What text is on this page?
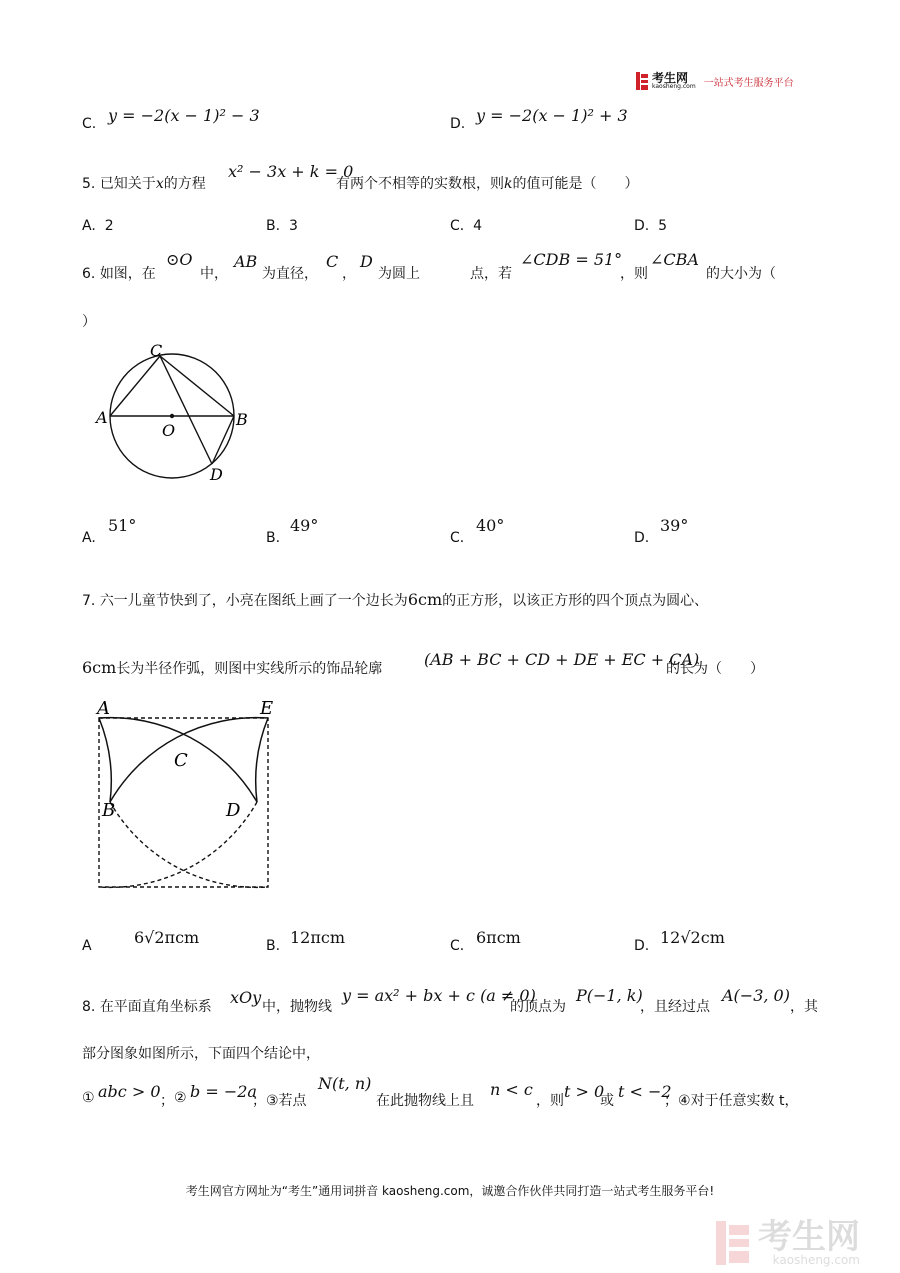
考生网
kaosheng.com 一站式考生服务平台
C. y = −2(x − 1)² − 3	D. y = −2(x − 1)² + 3
5. 已知关于x的方程
x² − 3x + k = 0
有两个不相等的实数根，则k的值可能是（　　）
A. 2	B. 3	C. 4	D. 5
6. 如图，在
⊙O
中，
AB
为直径，
C
，
D
为圆上	点，若
∠CDB = 51°
，则
∠CBA
的大小为（
）
C
A	B
O
D
A.
51°
B.
49°
C.
40°
D.
39°
7. 六一儿童节快到了，小亮在图纸上画了一个边长为6cm的正方形，以该正方形的四个顶点为圆心、
6cm长为半径作弧，则图中实线所示的饰品轮廓	(AB + BC + CD + DE + EC + CA)
的长为（　　）
A	E
C
B	D
A	6√2πcm	B. 12πcm	C. 6πcm	D. 12√2cm
8. 在平面直角坐标系 xOy 中，抛物线
y = ax² + bx + c (a ≠ 0)
的顶点为
P(−1, k)
，且经过点
A(−3, 0)
，其
部分图象如图所示，下面四个结论中，
① abc > 0 ； ② b = −2a
；③若点
N(t, n)
在此抛物线上且
n < c
，则 t > 0
或 t < −2
；④对于任意实数 t，
考生网官方网址为“考生”通用词拼音 kaosheng.com，诚邀合作伙伴共同打造一站式考生服务平台!
考生网
kaosheng.com
